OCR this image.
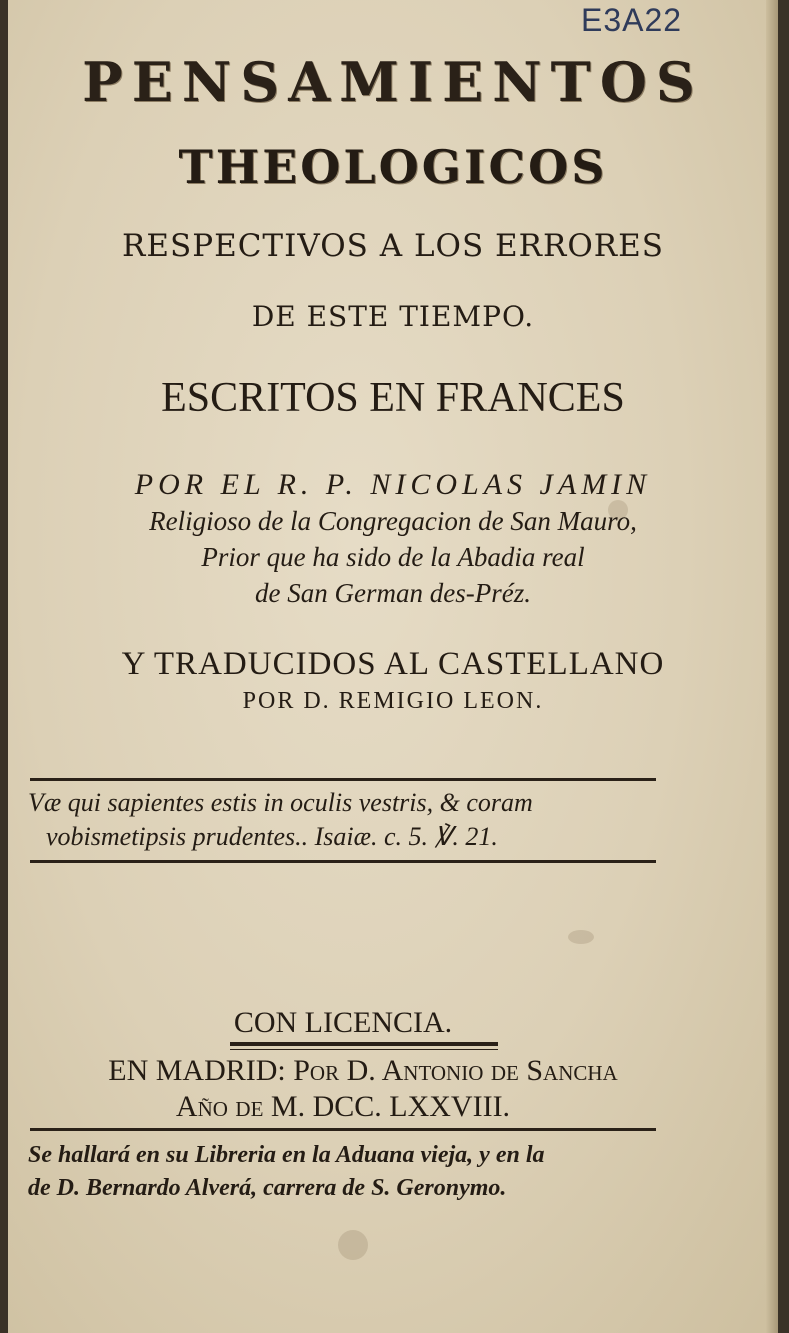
E3A22
PENSAMIENTOS
THEOLOGICOS
RESPECTIVOS A LOS ERRORES
DE ESTE TIEMPO.
ESCRITOS EN FRANCES
POR EL R. P. NICOLAS JAMIN
Religioso de la Congregacion de San Mauro,
Prior que ha sido de la Abadia real
de San German des-Préz.
Y TRADUCIDOS AL CASTELLANO
POR D. REMIGIO LEON.
Væ qui sapientes estis in oculis vestris, & coram
vobismetipsis prudentes.. Isaiæ. c. 5. ℣. 21.
CON LICENCIA.
EN MADRID: Por D. Antonio de Sancha
Año de M. DCC. LXXVIII.
Se hallará en su Libreria en la Aduana vieja, y en la
de D. Bernardo Alverá, carrera de S. Geronymo.
